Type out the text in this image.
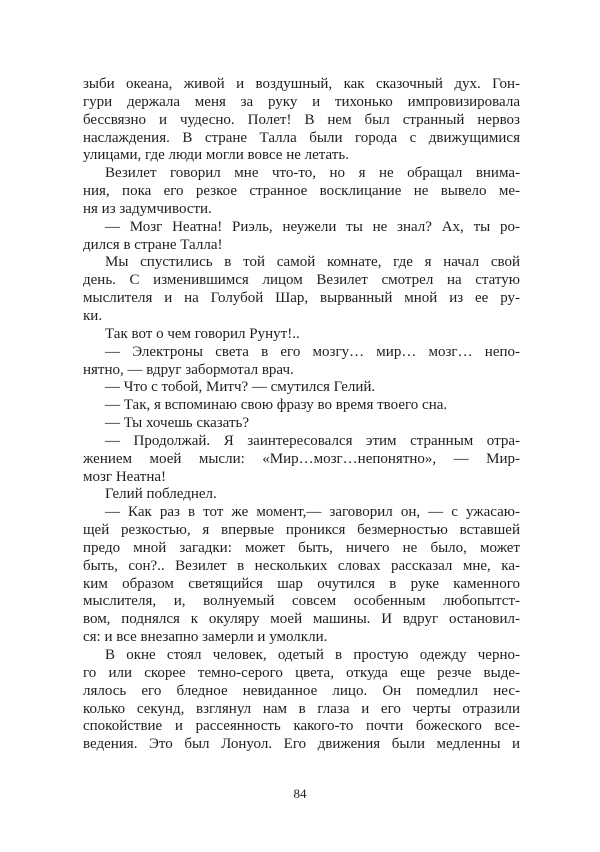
зыби океана, живой и воздушный, как сказочный дух. Гон-
гури держала меня за руку и тихонько импровизировала
бессвязно и чудесно. Полет! В нем был странный нервоз
наслаждения. В стране Талла были города с движущимися
улицами, где люди могли вовсе не летать.
Везилет говорил мне что-то, но я не обращал внима-
ния, пока его резкое странное восклицание не вывело ме-
ня из задумчивости.
— Мозг Неатна! Риэль, неужели ты не знал? Ах, ты ро-
дился в стране Талла!
Мы спустились в той самой комнате, где я начал свой
день. С изменившимся лицом Везилет смотрел на статую
мыслителя и на Голубой Шар, вырванный мной из ее ру-
ки.
Так вот о чем говорил Рунут!..
— Электроны света в его мозгу… мир… мозг… непо-
нятно, — вдруг забормотал врач.
— Что с тобой, Митч? — смутился Гелий.
— Так, я вспоминаю свою фразу во время твоего сна.
— Ты хочешь сказать?
— Продолжай. Я заинтересовался этим странным отра-
жением моей мысли: «Мир…мозг…непонятно», — Мир-
мозг Неатна!
Гелий побледнел.
— Как раз в тот же момент,— заговорил он, — с ужасаю-
щей резкостью, я впервые проникся безмерностью вставшей
предо мной загадки: может быть, ничего не было, может
быть, сон?.. Везилет в нескольких словах рассказал мне, ка-
ким образом светящийся шар очутился в руке каменного
мыслителя, и, волнуемый совсем особенным любопытст-
вом, поднялся к окуляру моей машины. И вдруг остановил-
ся: и все внезапно замерли и умолкли.
В окне стоял человек, одетый в простую одежду черно-
го или скорее темно-серого цвета, откуда еще резче выде-
лялось его бледное невиданное лицо. Он помедлил нес-
колько секунд, взглянул нам в глаза и его черты отразили
спокойствие и рассеянность какого-то почти божеского все-
ведения. Это был Лонуол. Его движения были медленны и
84
